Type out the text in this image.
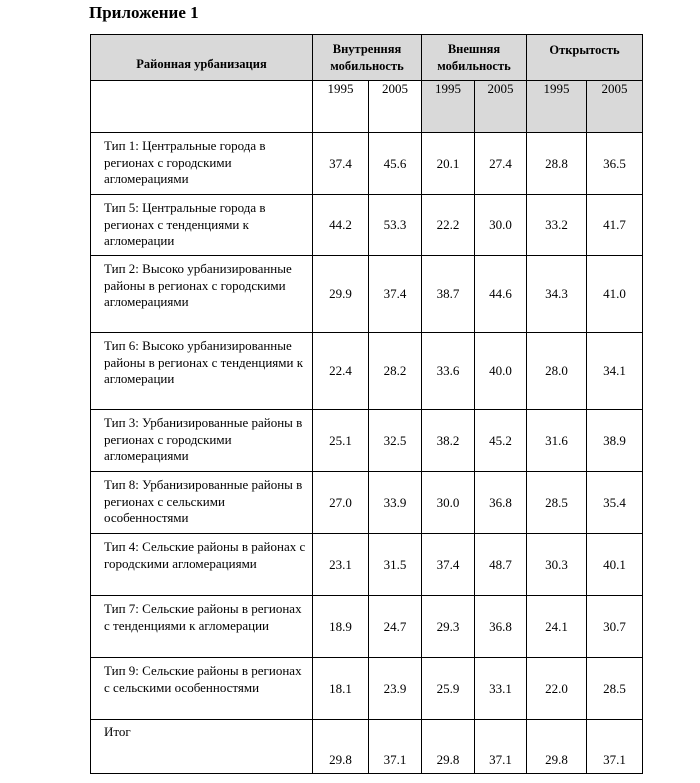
Приложение 1
Районная урбанизация	Внутренняя мобильность		Внешняя мобильность		Открытость	
	1995	2005	1995	2005	1995	2005
Тип 1: Центральные города в регионах с городскими агломерациями	37.4	45.6	20.1	27.4	28.8	36.5
Тип 5: Центральные города в регионах с тенденциями к агломерации	44.2	53.3	22.2	30.0	33.2	41.7
Тип 2: Высоко урбанизированные районы в регионах с городскими агломерациями	29.9	37.4	38.7	44.6	34.3	41.0
Тип 6: Высоко урбанизированные районы в регионах с тенденциями к агломерации	22.4	28.2	33.6	40.0	28.0	34.1
Тип 3: Урбанизированные районы в регионах с городскими агломерациями	25.1	32.5	38.2	45.2	31.6	38.9
Тип 8: Урбанизированные районы в регионах с сельскими особенностями	27.0	33.9	30.0	36.8	28.5	35.4
Тип 4: Сельские районы в районах с городскими агломерациями	23.1	31.5	37.4	48.7	30.3	40.1
Тип 7: Сельские районы в регионах с тенденциями к агломерации	18.9	24.7	29.3	36.8	24.1	30.7
Тип 9: Сельские районы в регионах с сельскими особенностями	18.1	23.9	25.9	33.1	22.0	28.5
Итог	29.8	37.1	29.8	37.1	29.8	37.1
